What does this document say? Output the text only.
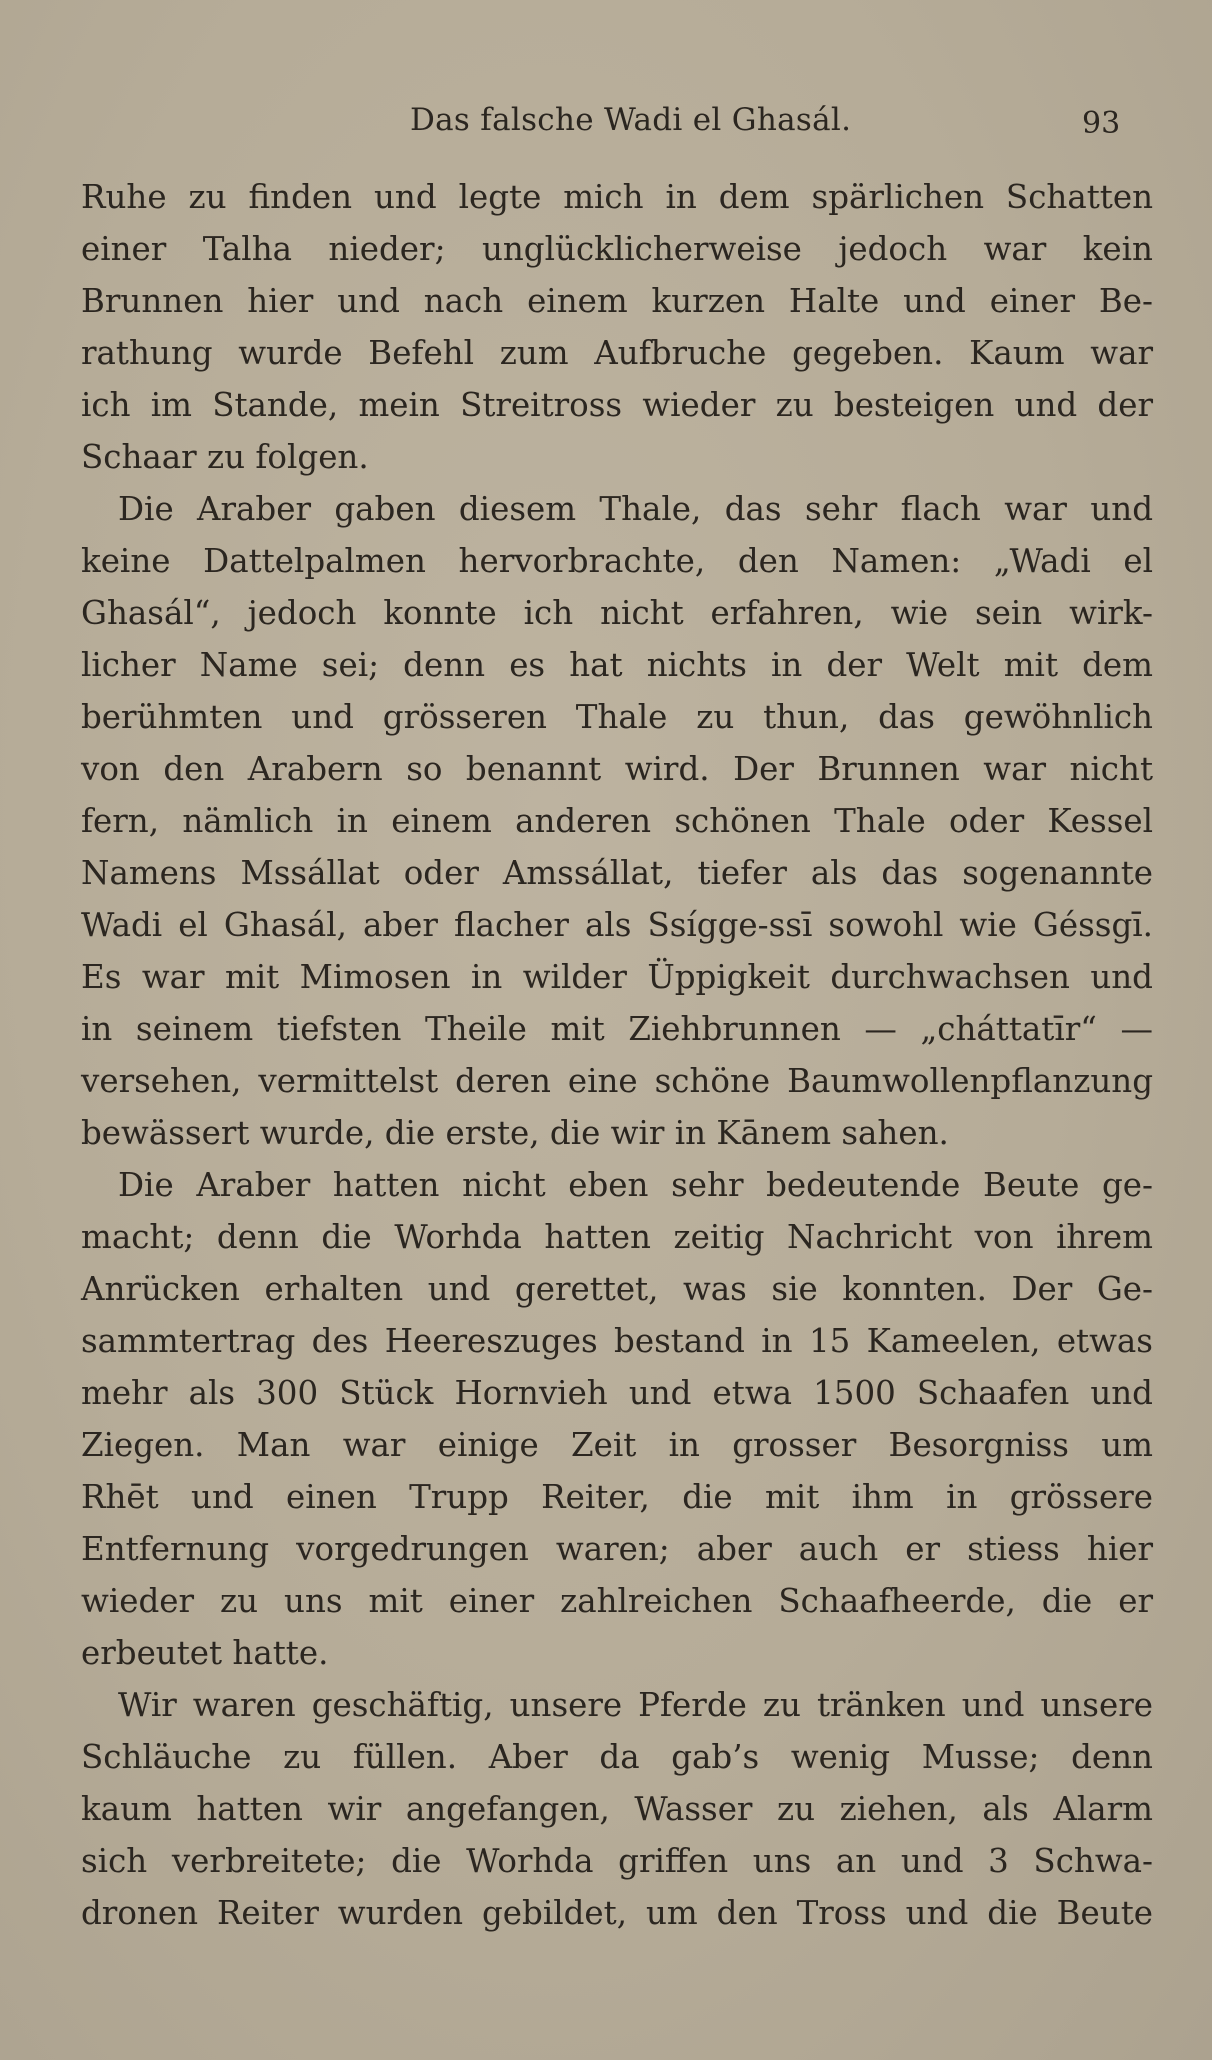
Das falsche Wadi el Ghasál.	93
Ruhe zu finden und legte mich in dem spärlichen Schatten
einer Talha nieder; unglücklicherweise jedoch war kein
Brunnen hier und nach einem kurzen Halte und einer Be-
rathung wurde Befehl zum Aufbruche gegeben. Kaum war
ich im Stande, mein Streitross wieder zu besteigen und der
Schaar zu folgen.
Die Araber gaben diesem Thale, das sehr flach war und
keine Dattelpalmen hervorbrachte, den Namen: „Wadi el
Ghasál“, jedoch konnte ich nicht erfahren, wie sein wirk-
licher Name sei; denn es hat nichts in der Welt mit dem
berühmten und grösseren Thale zu thun, das gewöhnlich
von den Arabern so benannt wird. Der Brunnen war nicht
fern, nämlich in einem anderen schönen Thale oder Kessel
Namens Mssállat oder Amssállat, tiefer als das sogenannte
Wadi el Ghasál, aber flacher als Ssígge-ssī sowohl wie Géssgī.
Es war mit Mimosen in wilder Üppigkeit durchwachsen und
in seinem tiefsten Theile mit Ziehbrunnen — „cháttatīr“ —
versehen, vermittelst deren eine schöne Baumwollenpflanzung
bewässert wurde, die erste, die wir in Kānem sahen.
Die Araber hatten nicht eben sehr bedeutende Beute ge-
macht; denn die Worhda hatten zeitig Nachricht von ihrem
Anrücken erhalten und gerettet, was sie konnten. Der Ge-
sammtertrag des Heereszuges bestand in 15 Kameelen, etwas
mehr als 300 Stück Hornvieh und etwa 1500 Schaafen und
Ziegen. Man war einige Zeit in grosser Besorgniss um
Rhēt und einen Trupp Reiter, die mit ihm in grössere
Entfernung vorgedrungen waren; aber auch er stiess hier
wieder zu uns mit einer zahlreichen Schaafheerde, die er
erbeutet hatte.
Wir waren geschäftig, unsere Pferde zu tränken und unsere
Schläuche zu füllen. Aber da gab’s wenig Musse; denn
kaum hatten wir angefangen, Wasser zu ziehen, als Alarm
sich verbreitete; die Worhda griffen uns an und 3 Schwa-
dronen Reiter wurden gebildet, um den Tross und die Beute
